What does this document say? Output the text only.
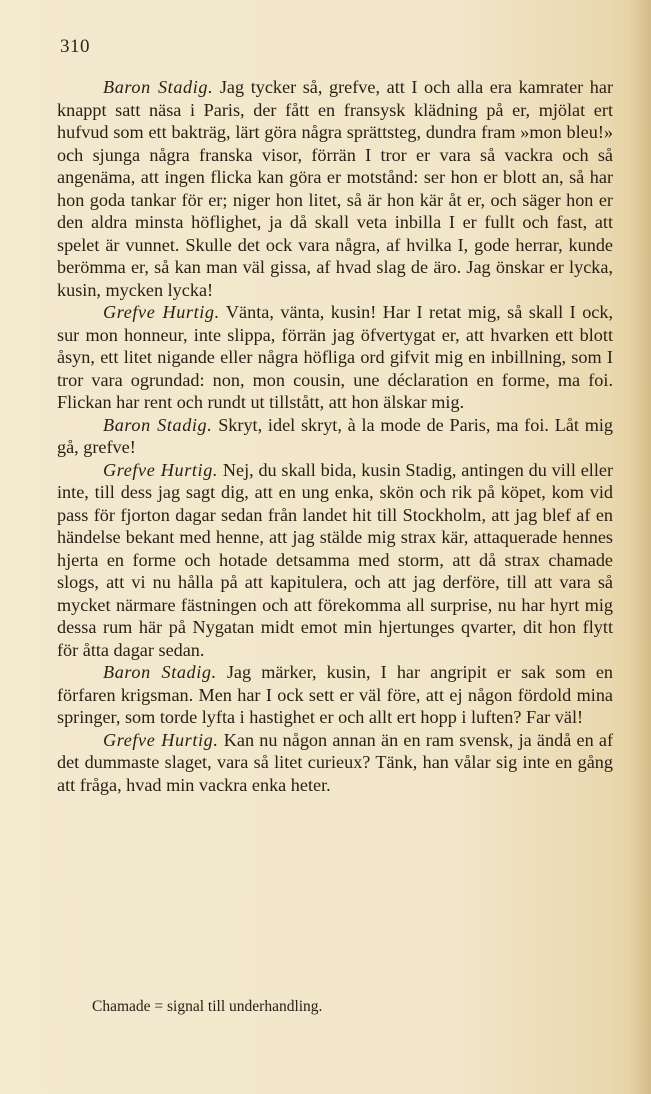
310

Baron Stadig. Jag tycker så, grefve, att I och alla era kamrater har knappt satt näsa i Paris, der fått en fransysk klädning på er, mjölat ert hufvud som ett bakträg, lärt göra några sprättsteg, dundra fram »mon bleu!» och sjunga några franska visor, förrän I tror er vara så vackra och så angenäma, att ingen flicka kan göra er motstånd: ser hon er blott an, så har hon goda tankar för er; niger hon litet, så är hon kär åt er, och säger hon er den aldra minsta höflighet, ja då skall veta inbilla I er fullt och fast, att spelet är vunnet. Skulle det ock vara några, af hvilka I, gode herrar, kunde berömma er, så kan man väl gissa, af hvad slag de äro. Jag önskar er lycka, kusin, mycken lycka!

Grefve Hurtig. Vänta, vänta, kusin! Har I retat mig, så skall I ock, sur mon honneur, inte slippa, förrän jag öfvertygat er, att hvarken ett blott åsyn, ett litet nigande eller några höfliga ord gifvit mig en inbillning, som I tror vara ogrundad: non, mon cousin, une déclaration en forme, ma foi. Flickan har rent och rundt ut tillstått, att hon älskar mig.

Baron Stadig. Skryt, idel skryt, à la mode de Paris, ma foi. Låt mig gå, grefve!

Grefve Hurtig. Nej, du skall bida, kusin Stadig, antingen du vill eller inte, till dess jag sagt dig, att en ung enka, skön och rik på köpet, kom vid pass för fjorton dagar sedan från landet hit till Stockholm, att jag blef af en händelse bekant med henne, att jag stälde mig strax kär, attaquerade hennes hjerta en forme och hotade detsamma med storm, att då strax chamade slogs, att vi nu hålla på att kapitulera, och att jag derföre, till att vara så mycket närmare fästningen och att förekomma all surprise, nu har hyrt mig dessa rum här på Nygatan midt emot min hjertunges qvarter, dit hon flytt för åtta dagar sedan.

Baron Stadig. Jag märker, kusin, I har angripit er sak som en förfaren krigsman. Men har I ock sett er väl före, att ej någon fördold mina springer, som torde lyfta i hastighet er och allt ert hopp i luften? Far väl!

Grefve Hurtig. Kan nu någon annan än en ram svensk, ja ändå en af det dummaste slaget, vara så litet curieux? Tänk, han vålar sig inte en gång att fråga, hvad min vackra enka heter.

Chamade = signal till underhandling.
